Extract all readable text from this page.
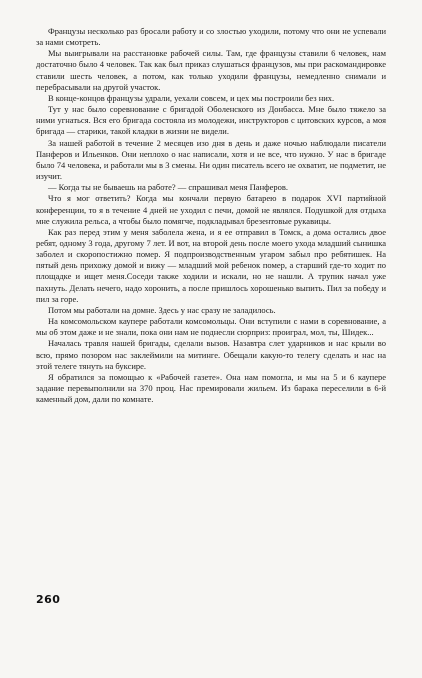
Французы несколько раз бросали работу и со злостью уходили, потому что они не успевали за нами смотреть.

Мы выигрывали на расстановке рабочей силы. Там, где французы ставили 6 человек, нам достаточно было 4 человек. Так как был приказ слушаться французов, мы при раскомандировке ставили шесть человек, а потом, как только уходили французы, немедленно снимали и перебрасывали на другой участок.

В конце-концов французы удрали, уехали совсем, и цех мы построили без них.

Тут у нас было соревнование с бригадой Оболенского из Донбасса. Мне было тяжело за ними угнаться. Вся его бригада состояла из молодежи, инструкторов с цитовских курсов, а моя бригада — старики, такой кладки в жизни не видели.

За нашей работой в течение 2 месяцев изо дня в день и даже ночью наблюдали писатели Панферов и Ильенков. Они неплохо о нас написали, хотя и не все, что нужно. У нас в бригаде было 74 человека, и работали мы в 3 смены. Ни один писатель всего не охватит, не подметит, не изучит.

— Когда ты не бываешь на работе? — спрашивал меня Панферов.

Что я мог ответить? Когда мы кончали первую батарею в подарок XVI партийной конференции, то я в течение 4 дней не уходил с печи, домой не являлся. Подушкой для отдыха мне служила рельса, а чтобы было помягче, подкладывал брезентовые рукавицы.

Как раз перед этим у меня заболела жена, и я ее отправил в Томск, а дома остались двое ребят, одному 3 года, другому 7 лет. И вот, на второй день после моего ухода младший сынишка заболел и скоропостижно помер. Я подпроизводственным угаром забыл про ребятишек. На пятый день прихожу домой и вижу — младший мой ребенок помер, а старший где-то ходит по площадке и ищет меня.Соседи также ходили и искали, но не нашли. А трупик начал уже пахнуть. Делать нечего, надо хоронить, а после пришлось хорошенько выпить. Пил за победу и пил за горе.

Потом мы работали на домне. Здесь у нас сразу не заладилось.

На комсомольском каупере работали комсомольцы. Они вступили с нами в соревнование, а мы об этом даже и не знали, пока они нам не поднесли сюрприз: проиграл, мол, ты, Шидек...

Началась травля нашей бригады, сделали вызов. Назавтра слет ударников и нас крыли во всю, прямо позором нас заклеймили на митинге. Обещали какую-то телегу сделать и нас на этой телеге тянуть на буксире.

Я обратился за помощью к «Рабочей газете». Она нам помогла, и мы на 5 и 6 каупере задание перевыполнили на 370 проц. Нас премировали жильем. Из барака переселили в 6-й каменный дом, дали по комнате.

260
